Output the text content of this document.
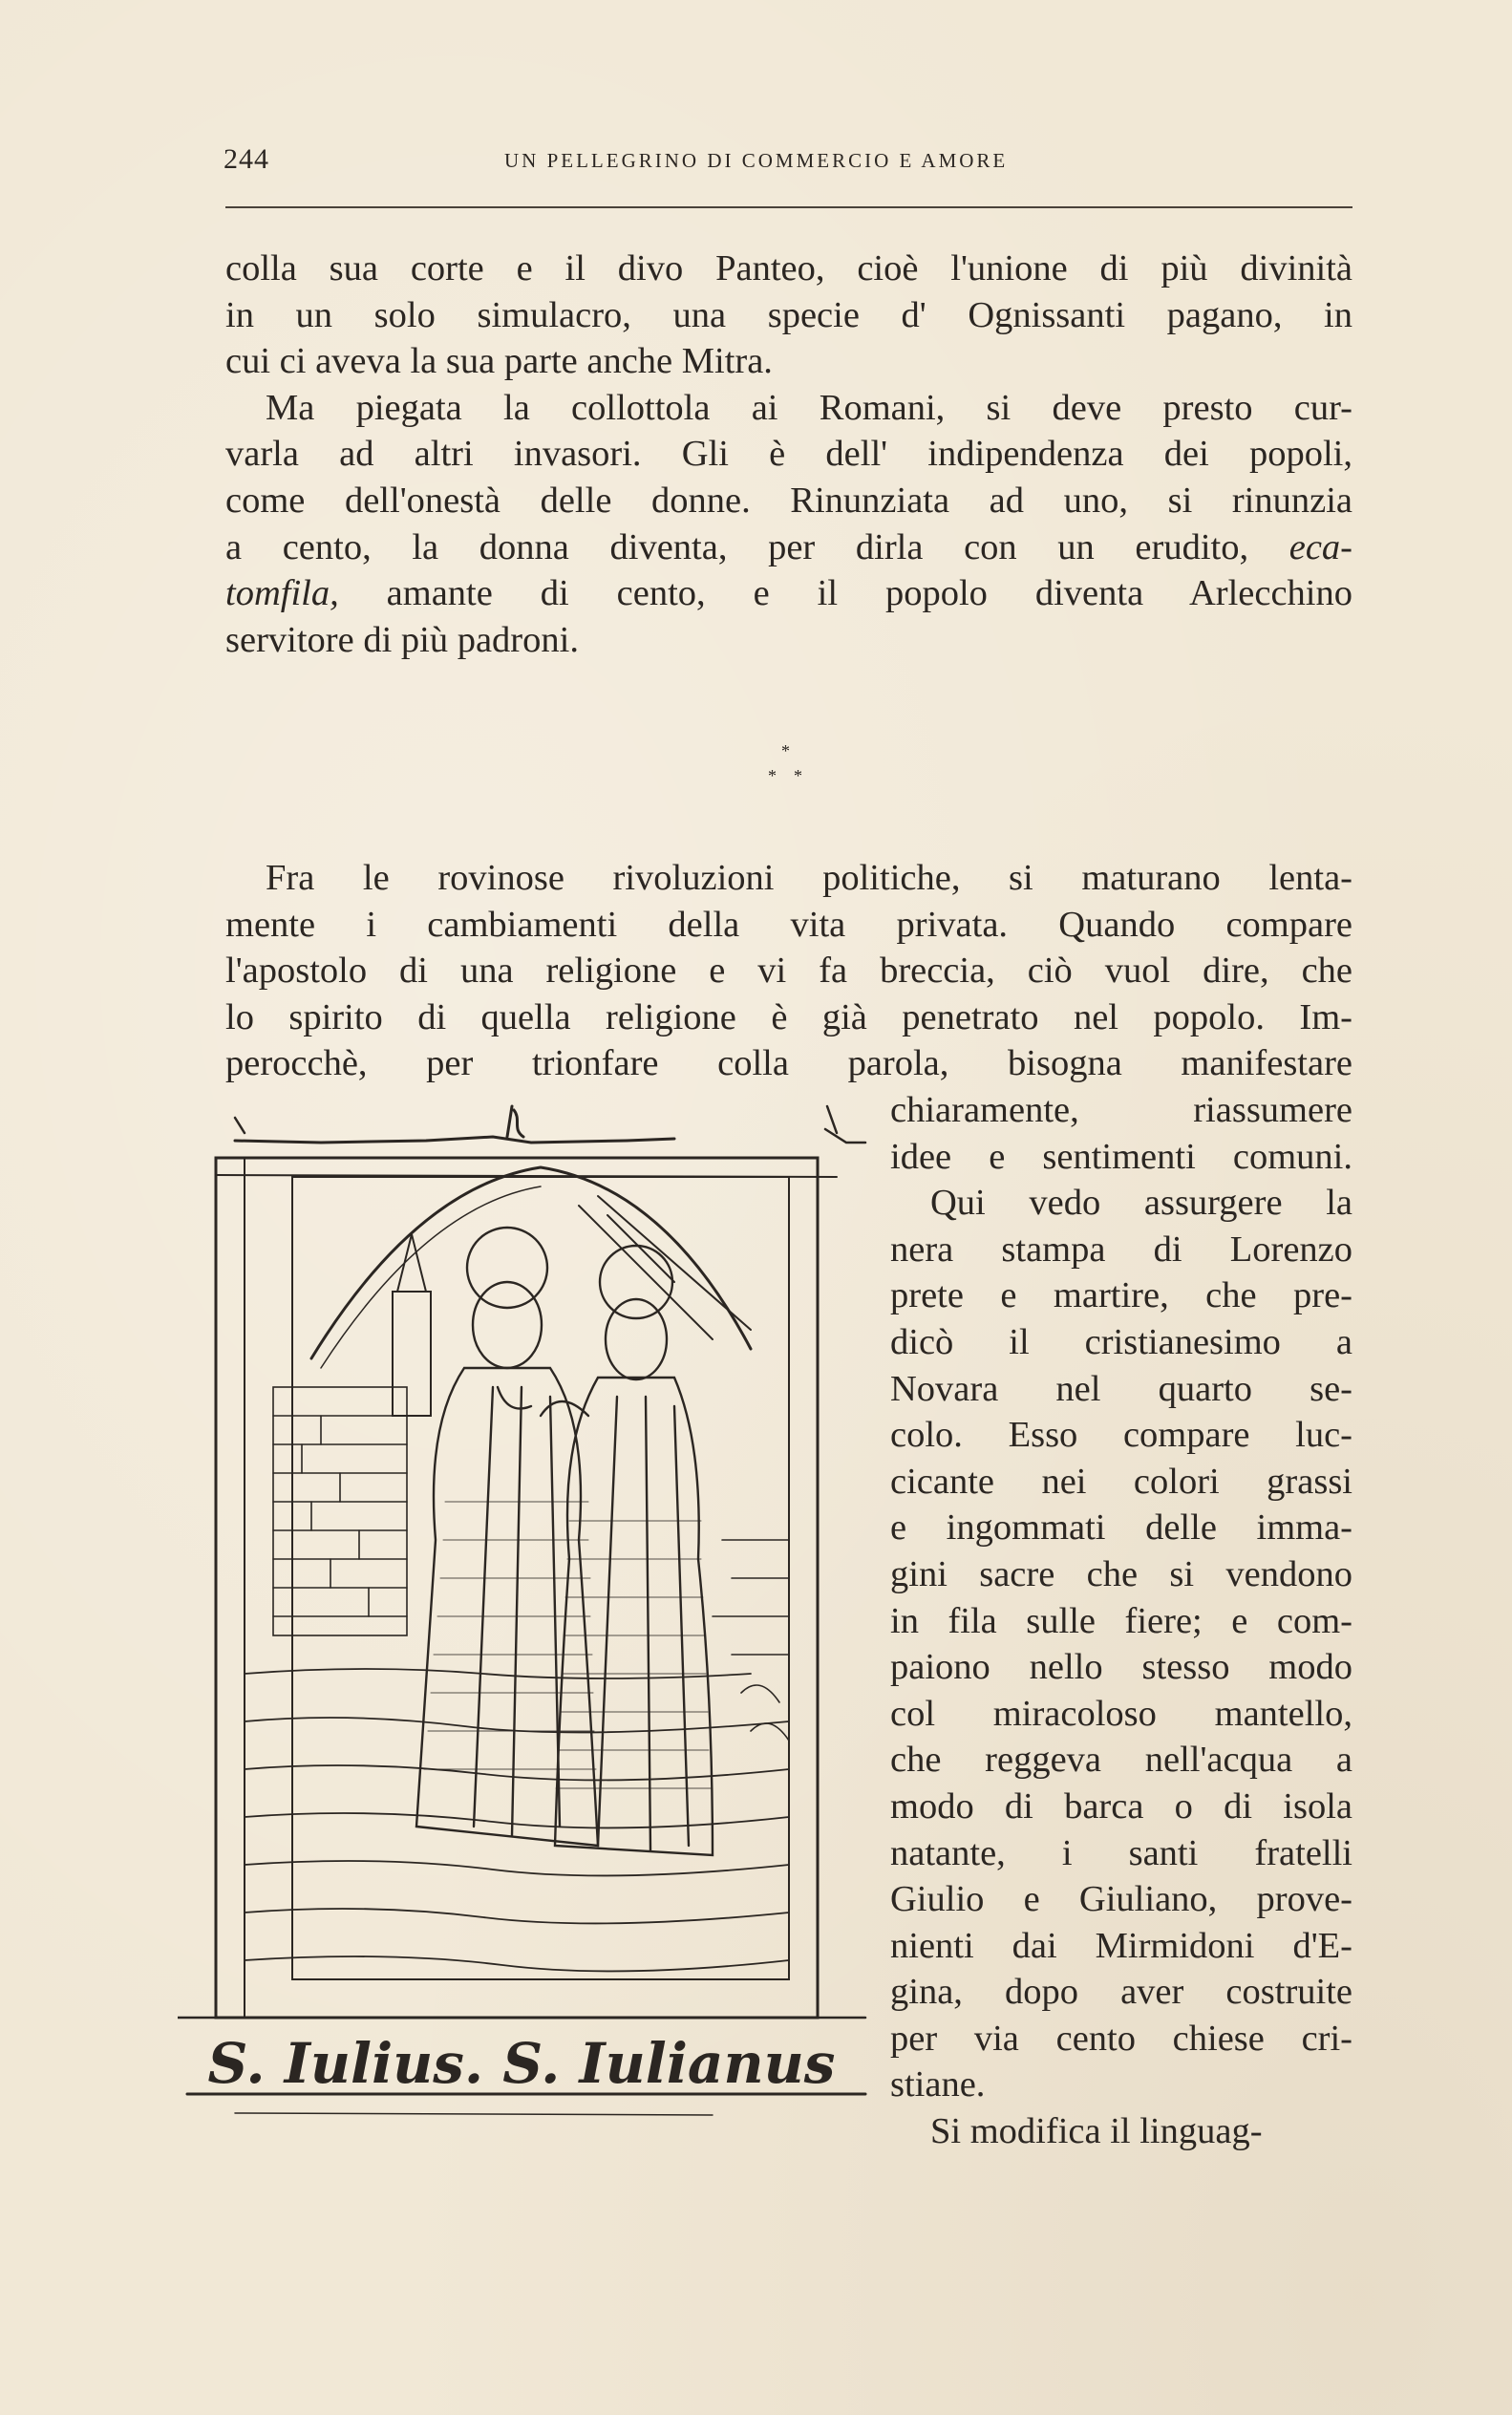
244	UN PELLEGRINO DI COMMERCIO E AMORE
colla sua corte e il divo Panteo, cioè l'unione di più divinità
in un solo simulacro, una specie d' Ognissanti pagano, in
cui ci aveva la sua parte anche Mitra.
Ma piegata la collottola ai Romani, si deve presto cur-
varla ad altri invasori. Gli è dell' indipendenza dei popoli,
come dell'onestà delle donne. Rinunziata ad uno, si rinunzia
a cento, la donna diventa, per dirla con un erudito, eca-
tomfila, amante di cento, e il popolo diventa Arlecchino
servitore di più padroni.
*
* *
Fra le rovinose rivoluzioni politiche, si maturano lenta-
mente i cambiamenti della vita privata. Quando compare
l'apostolo di una religione e vi fa breccia, ciò vuol dire, che
lo spirito di quella religione è già penetrato nel popolo. Im-
perocchè, per trionfare colla parola, bisogna manifestare
chiaramente, riassumere
idee e sentimenti comuni.
Qui vedo assurgere la
nera stampa di Lorenzo
prete e martire, che pre-
dicò il cristianesimo a
Novara nel quarto se-
colo. Esso compare luc-
cicante nei colori grassi
e ingommati delle imma-
gini sacre che si vendono
in fila sulle fiere; e com-
paiono nello stesso modo
col miracoloso mantello,
che reggeva nell'acqua a
modo di barca o di isola
natante, i santi fratelli
Giulio e Giuliano, prove-
nienti dai Mirmidoni d'E-
gina, dopo aver costruite
per via cento chiese cri-
stiane.
Si modifica il linguag-
S. Iulius. S. Iulianus
